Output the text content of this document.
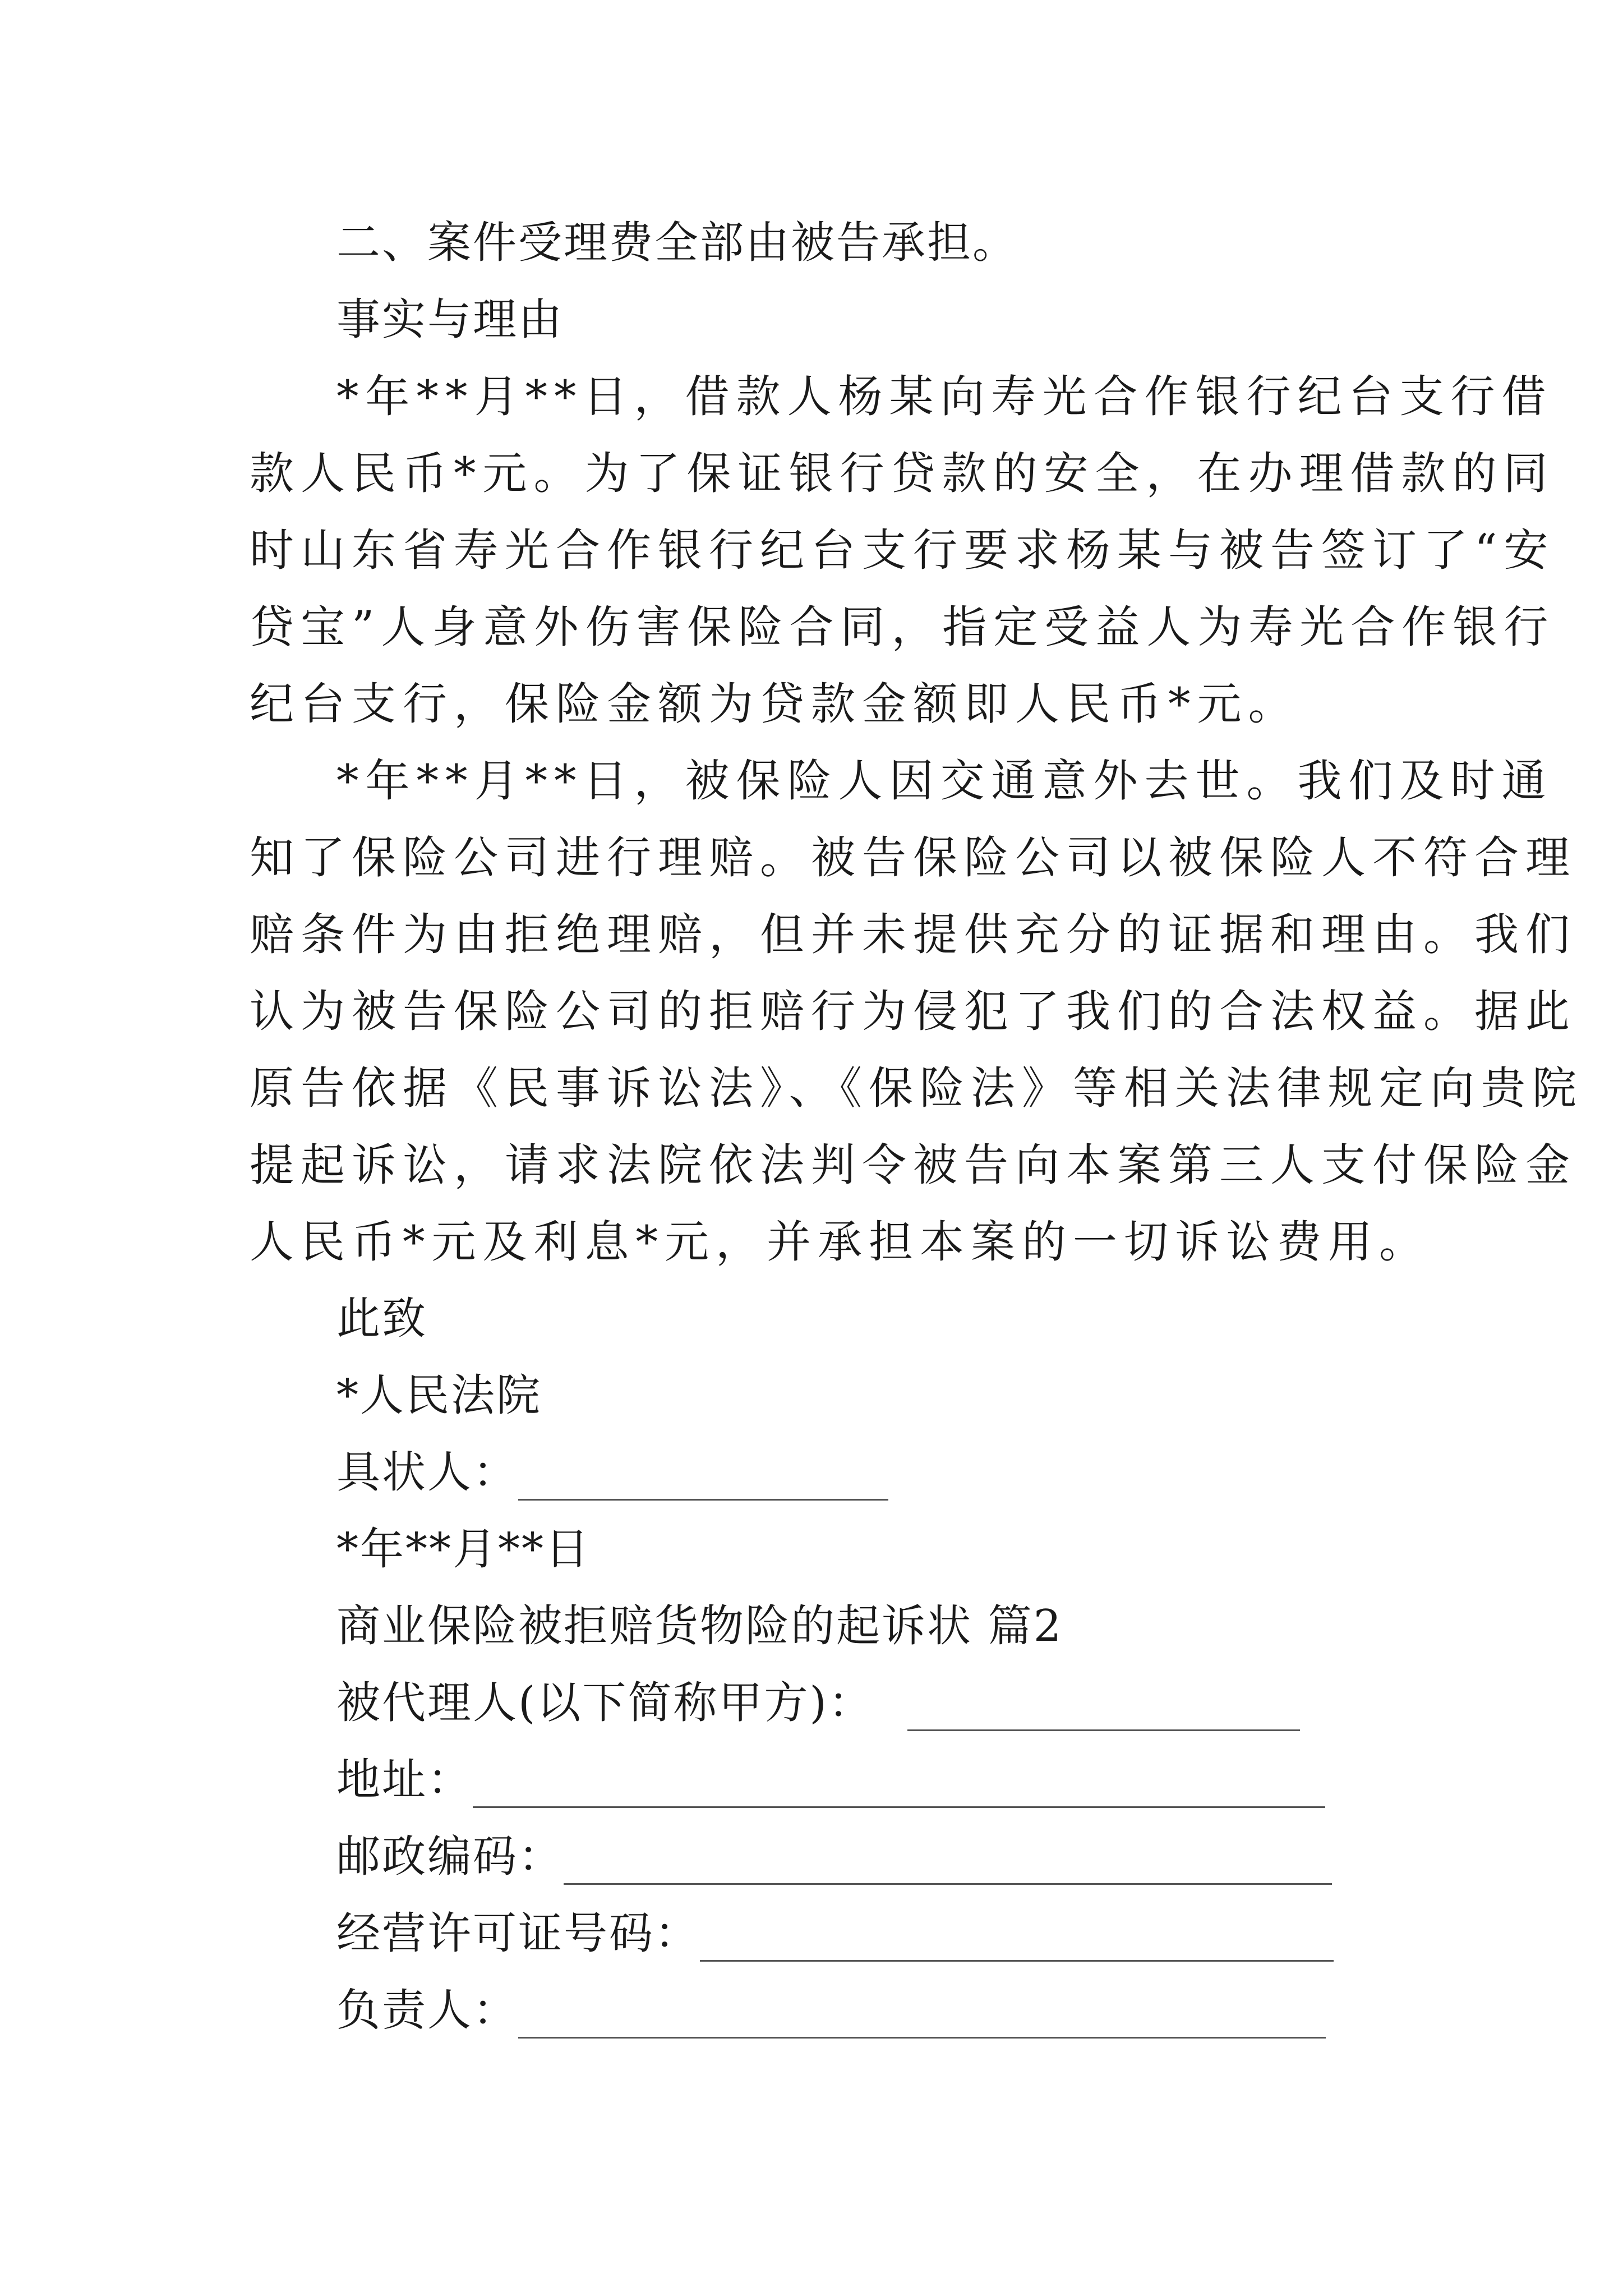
二、案件受理费全部由被告承担。
事实与理由
*年**月**日，借款人杨某向寿光合作银行纪台支行借
款人民币*元。为了保证银行贷款的安全，在办理借款的同
时山东省寿光合作银行纪台支行要求杨某与被告签订了“安
贷宝”人身意外伤害保险合同，指定受益人为寿光合作银行
纪台支行，保险金额为贷款金额即人民币*元。
*年**月**日，被保险人因交通意外去世。我们及时通
知了保险公司进行理赔。被告保险公司以被保险人不符合理
赔条件为由拒绝理赔，但并未提供充分的证据和理由。我们
认为被告保险公司的拒赔行为侵犯了我们的合法权益。据此
原告依据《民事诉讼法》、《保险法》等相关法律规定向贵院
提起诉讼，请求法院依法判令被告向本案第三人支付保险金
人民币*元及利息*元，并承担本案的一切诉讼费用。
此致
*人民法院
具状人：
*年**月**日
商业保险被拒赔货物险的起诉状 篇2
被代理人(以下简称甲方)：
地址：
邮政编码：
经营许可证号码：
负责人：
